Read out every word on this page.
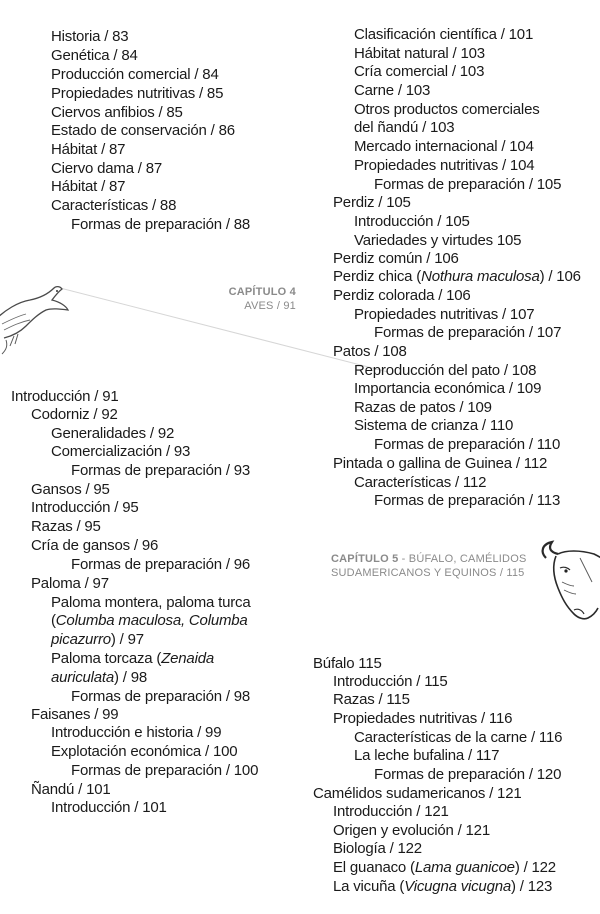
CAPÍTULO 4
AVES / 91
CAPÍTULO 5 - BÚFALO, CAMÉLIDOS
SUDAMERICANOS Y EQUINOS / 115
Historia / 83
Genética / 84
Producción comercial / 84
Propiedades nutritivas / 85
Ciervos anfibios / 85
Estado de conservación / 86
Hábitat / 87
Ciervo dama / 87
Hábitat / 87
Características / 88
Formas de preparación / 88
Introducción / 91
Codorniz / 92
Generalidades / 92
Comercialización / 93
Formas de preparación / 93
Gansos / 95
Introducción / 95
Razas / 95
Cría de gansos / 96
Formas de preparación / 96
Paloma / 97
Paloma montera, paloma turca
(Columba maculosa, Columba
picazurro) / 97
Paloma torcaza (Zenaida
auriculata) / 98
Formas de preparación / 98
Faisanes / 99
Introducción e historia / 99
Explotación económica / 100
Formas de preparación / 100
Ñandú / 101
Introducción / 101
Clasificación científica / 101
Hábitat natural / 103
Cría comercial / 103
Carne / 103
Otros productos comerciales
del ñandú / 103
Mercado internacional / 104
Propiedades nutritivas / 104
Formas de preparación / 105
Perdiz / 105
Introducción / 105
Variedades y virtudes 105
Perdiz común / 106
Perdiz chica (Nothura maculosa) / 106
Perdiz colorada / 106
Propiedades nutritivas / 107
Formas de preparación / 107
Patos / 108
Reproducción del pato / 108
Importancia económica / 109
Razas de patos / 109
Sistema de crianza / 110
Formas de preparación / 110
Pintada o gallina de Guinea / 112
Características / 112
Formas de preparación / 113
Búfalo 115
Introducción / 115
Razas / 115
Propiedades nutritivas / 116
Características de la carne / 116
La leche bufalina / 117
Formas de preparación / 120
Camélidos sudamericanos / 121
Introducción / 121
Origen y evolución / 121
Biología / 122
El guanaco (Lama guanicoe) / 122
La vicuña (Vicugna vicugna) / 123
